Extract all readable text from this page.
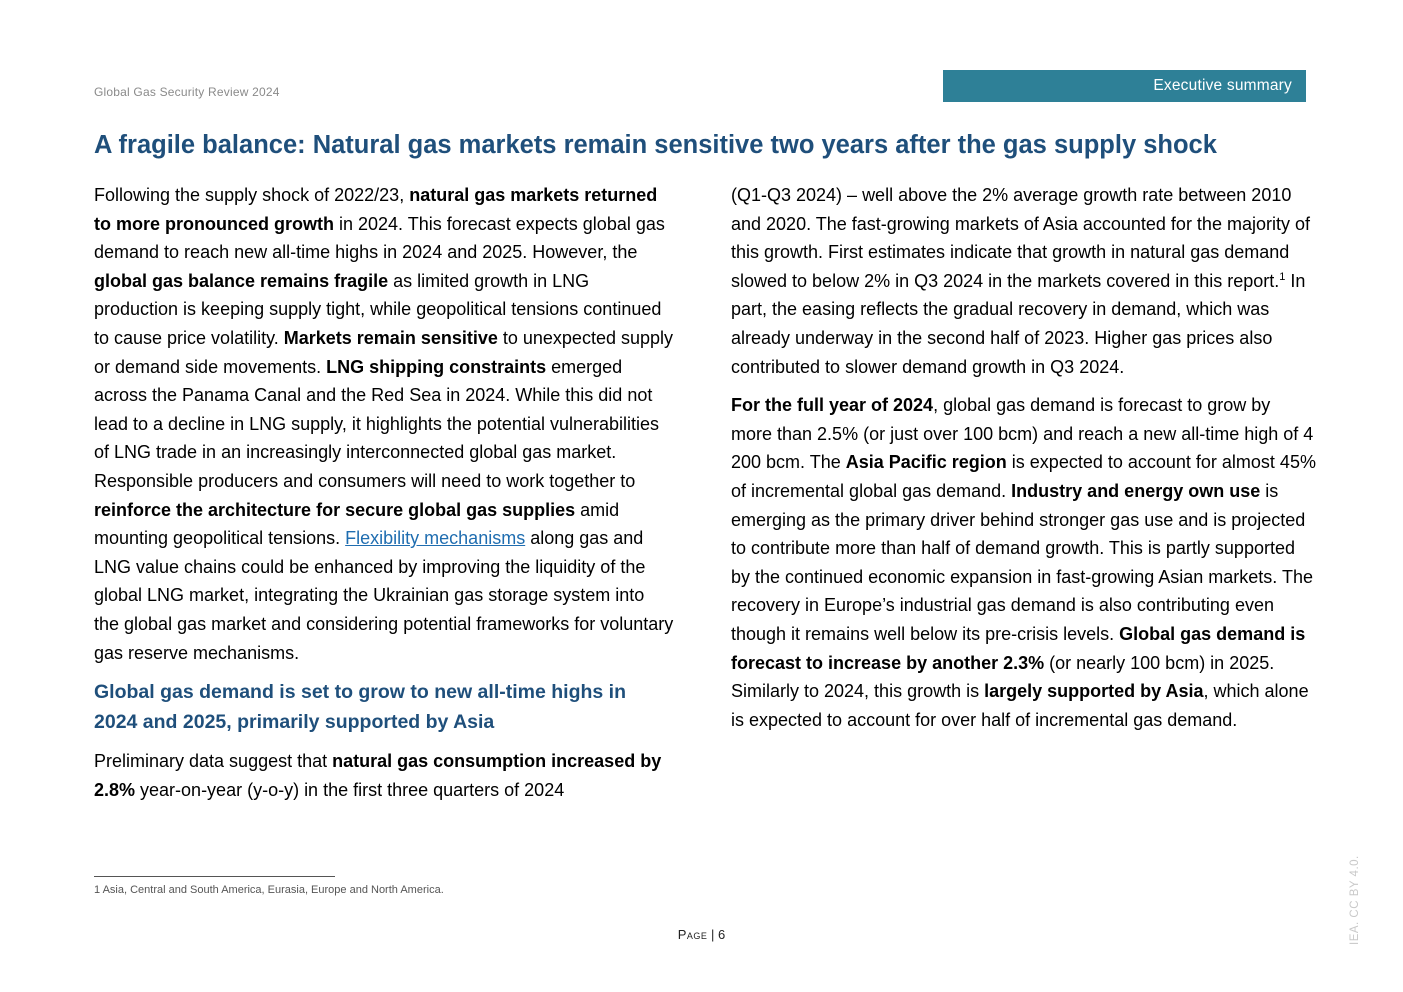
Global Gas Security Review 2024	Executive summary
A fragile balance: Natural gas markets remain sensitive two years after the gas supply shock

Following the supply shock of 2022/23, natural gas markets returned to more pronounced growth in 2024. This forecast expects global gas demand to reach new all-time highs in 2024 and 2025. However, the global gas balance remains fragile as limited growth in LNG production is keeping supply tight, while geopolitical tensions continued to cause price volatility. Markets remain sensitive to unexpected supply or demand side movements. LNG shipping constraints emerged across the Panama Canal and the Red Sea in 2024. While this did not lead to a decline in LNG supply, it highlights the potential vulnerabilities of LNG trade in an increasingly interconnected global gas market. Responsible producers and consumers will need to work together to reinforce the architecture for secure global gas supplies amid mounting geopolitical tensions. Flexibility mechanisms along gas and LNG value chains could be enhanced by improving the liquidity of the global LNG market, integrating the Ukrainian gas storage system into the global gas market and considering potential frameworks for voluntary gas reserve mechanisms.

Global gas demand is set to grow to new all-time highs in 2024 and 2025, primarily supported by Asia

Preliminary data suggest that natural gas consumption increased by 2.8% year-on-year (y-o-y) in the first three quarters of 2024

(Q1-Q3 2024) – well above the 2% average growth rate between 2010 and 2020. The fast-growing markets of Asia accounted for the majority of this growth. First estimates indicate that growth in natural gas demand slowed to below 2% in Q3 2024 in the markets covered in this report.$^1$ In part, the easing reflects the gradual recovery in demand, which was already underway in the second half of 2023. Higher gas prices also contributed to slower demand growth in Q3 2024.

For the full year of 2024, global gas demand is forecast to grow by more than 2.5% (or just over 100 bcm) and reach a new all-time high of 4 200 bcm. The Asia Pacific region is expected to account for almost 45% of incremental global gas demand. Industry and energy own use is emerging as the primary driver behind stronger gas use and is projected to contribute more than half of demand growth. This is partly supported by the continued economic expansion in fast-growing Asian markets. The recovery in Europe’s industrial gas demand is also contributing even though it remains well below its pre-crisis levels. Global gas demand is forecast to increase by another 2.3% (or nearly 100 bcm) in 2025. Similarly to 2024, this growth is largely supported by Asia, which alone is expected to account for over half of incremental gas demand.

1 Asia, Central and South America, Eurasia, Europe and North America.
Page | 6	IEA. CC BY 4.0.
